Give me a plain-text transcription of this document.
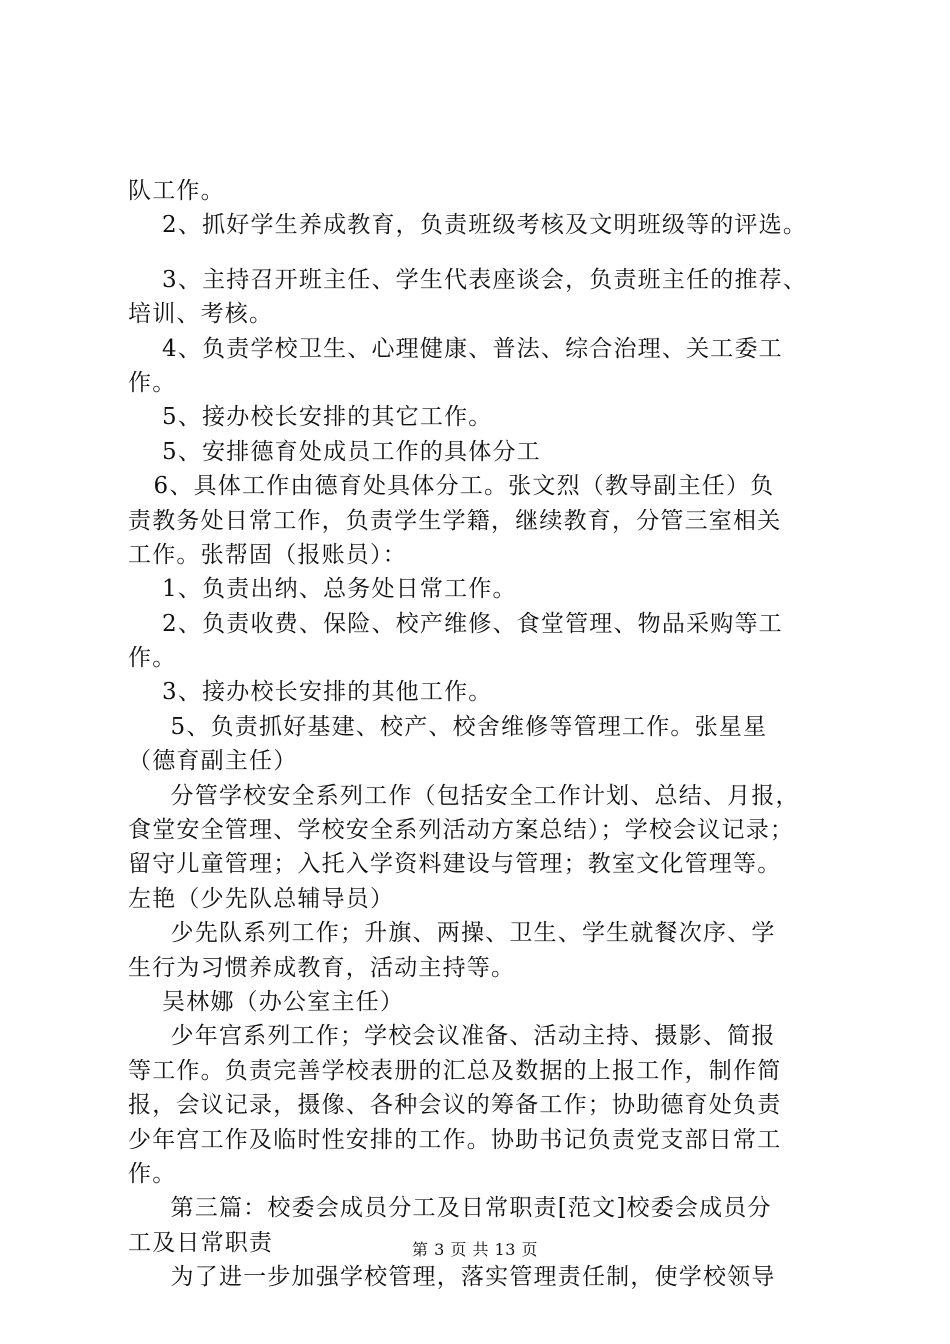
队工作。
2、抓好学生养成教育，负责班级考核及文明班级等的评选。
3、主持召开班主任、学生代表座谈会，负责班主任的推荐、
培训、考核。
4、负责学校卫生、心理健康、普法、综合治理、关工委工
作。
5、接办校长安排的其它工作。
5、安排德育处成员工作的具体分工
6、具体工作由德育处具体分工。张文烈（教导副主任）负
责教务处日常工作，负责学生学籍，继续教育，分管三室相关
工作。张帮固（报账员）：
1、负责出纳、总务处日常工作。
2、负责收费、保险、校产维修、食堂管理、物品采购等工
作。
3、接办校长安排的其他工作。
5、负责抓好基建、校产、校舍维修等管理工作。张星星
（德育副主任）
分管学校安全系列工作（包括安全工作计划、总结、月报，
食堂安全管理、学校安全系列活动方案总结）；学校会议记录；
留守儿童管理；入托入学资料建设与管理；教室文化管理等。
左艳（少先队总辅导员）
少先队系列工作；升旗、两操、卫生、学生就餐次序、学
生行为习惯养成教育，活动主持等。
吴林娜（办公室主任）
少年宫系列工作；学校会议准备、活动主持、摄影、简报
等工作。负责完善学校表册的汇总及数据的上报工作，制作简
报，会议记录，摄像、各种会议的筹备工作；协助德育处负责
少年宫工作及临时性安排的工作。协助书记负责党支部日常工
作。
第三篇：校委会成员分工及日常职责[范文]校委会成员分
工及日常职责
为了进一步加强学校管理，落实管理责任制，使学校领导
第 3 页 共 13 页
